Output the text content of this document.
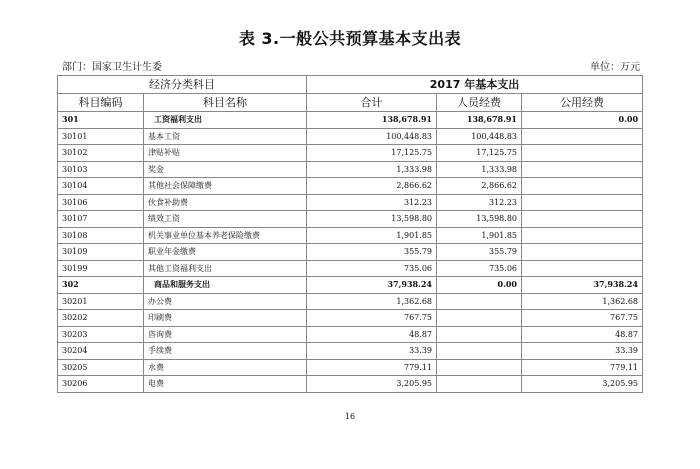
表 3.一般公共预算基本支出表
部门：国家卫生计生委	单位：万元
经济分类科目		2017 年基本支出		
科目编码	科目名称	合计	人员经费	公用经费
301	工资福利支出	138,678.91	138,678.91	0.00
30101	基本工资	100,448.83	100,448.83	
30102	津贴补贴	17,125.75	17,125.75	
30103	奖金	1,333.98	1,333.98	
30104	其他社会保障缴费	2,866.62	2,866.62	
30106	伙食补助费	312.23	312.23	
30107	绩效工资	13,598.80	13,598.80	
30108	机关事业单位基本养老保险缴费	1,901.85	1,901.85	
30109	职业年金缴费	355.79	355.79	
30199	其他工资福利支出	735.06	735.06	
302	商品和服务支出	37,938.24	0.00	37,938.24
30201	办公费	1,362.68		1,362.68
30202	印刷费	767.75		767.75
30203	咨询费	48.87		48.87
30204	手续费	33.39		33.39
30205	水费	779.11		779.11
30206	电费	3,205.95		3,205.95
16
